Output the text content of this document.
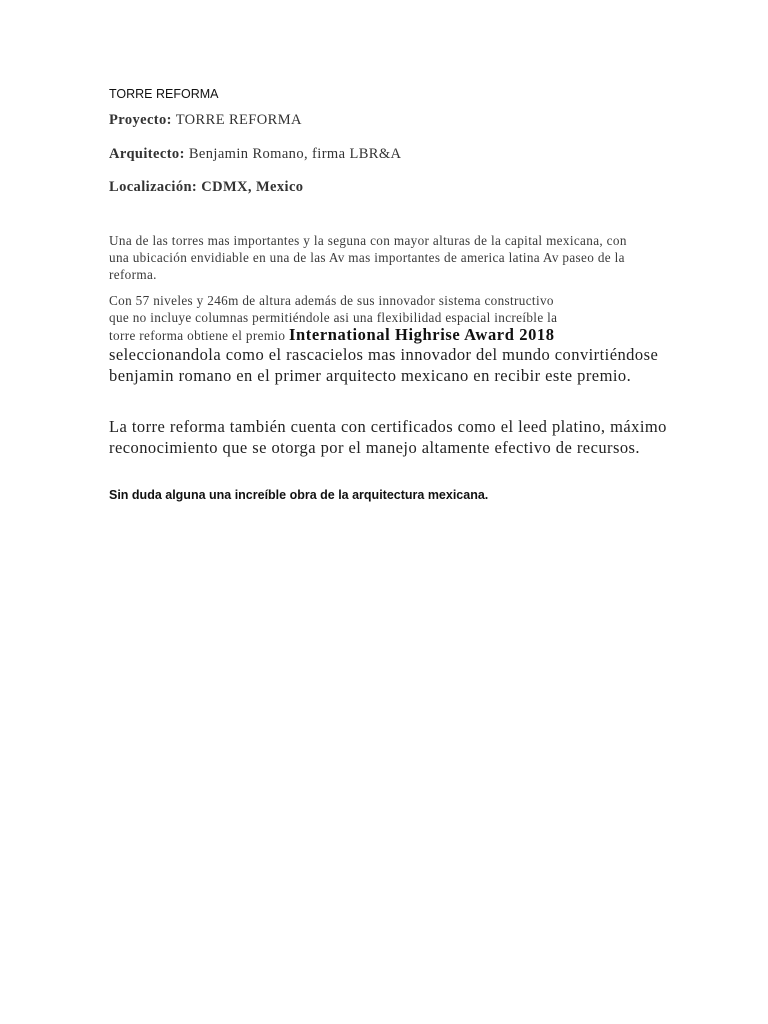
TORRE REFORMA
Proyecto: TORRE REFORMA
Arquitecto: Benjamin Romano, firma LBR&A
Localización: CDMX, Mexico

Una de las torres mas importantes y la seguna con mayor alturas de la capital mexicana, con una ubicación envidiable en una de las Av mas importantes de america latina Av paseo de la reforma.

Con 57 niveles y 246m de altura además de sus innovador sistema constructivo
que no incluye columnas permitiéndole asi una flexibilidad espacial increíble la
torre reforma obtiene el premio International Highrise Award 2018

seleccionandola como el rascacielos mas innovador del mundo convirtiéndose benjamin romano en el primer arquitecto mexicano en recibir este premio.

La torre reforma también cuenta con certificados como el leed platino, máximo reconocimiento que se otorga por el manejo altamente efectivo de recursos.

Sin duda alguna una increíble obra de la arquitectura mexicana.
